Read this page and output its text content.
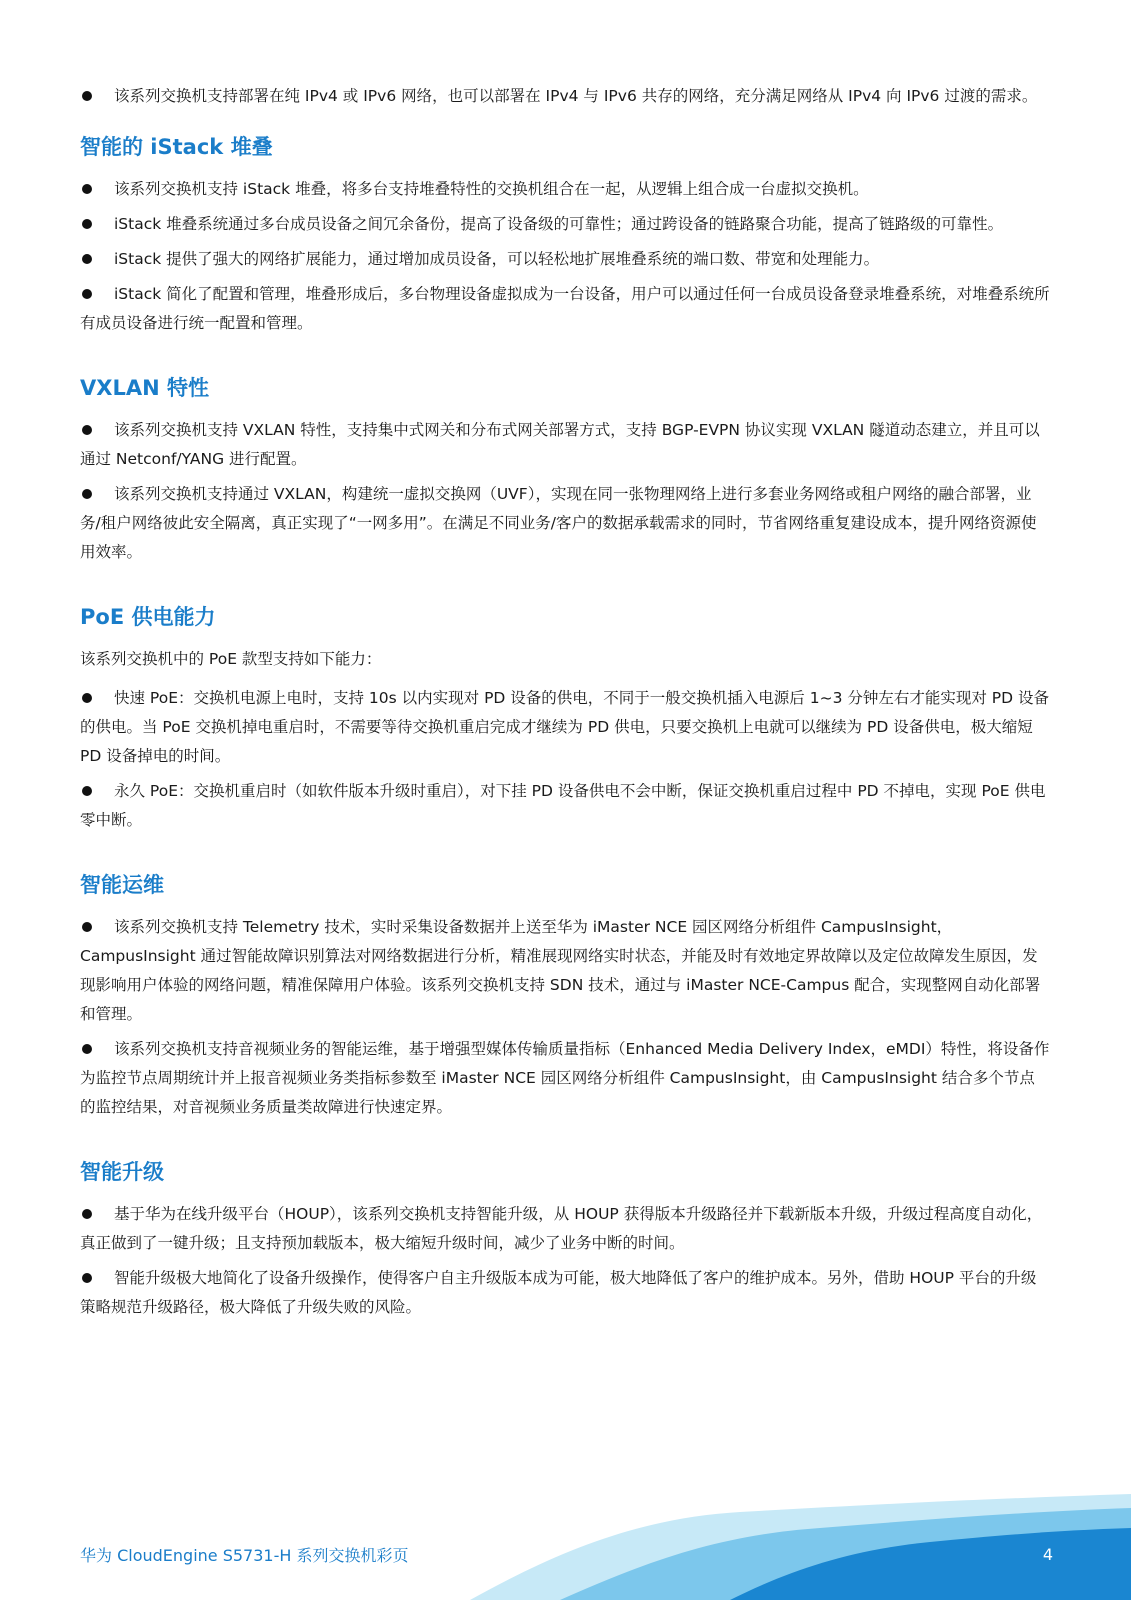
该系列交换机支持部署在纯 IPv4 或 IPv6 网络，也可以部署在 IPv4 与 IPv6 共存的网络，充分满足网络从 IPv4 向 IPv6 过渡的需求。

智能的 iStack 堆叠

该系列交换机支持 iStack 堆叠，将多台支持堆叠特性的交换机组合在一起，从逻辑上组合成一台虚拟交换机。

iStack 堆叠系统通过多台成员设备之间冗余备份，提高了设备级的可靠性；通过跨设备的链路聚合功能，提高了链路级的可靠性。

iStack 提供了强大的网络扩展能力，通过增加成员设备，可以轻松地扩展堆叠系统的端口数、带宽和处理能力。

iStack 简化了配置和管理，堆叠形成后，多台物理设备虚拟成为一台设备，用户可以通过任何一台成员设备登录堆叠系统，对堆叠系统所有成员设备进行统一配置和管理。

VXLAN 特性

该系列交换机支持 VXLAN 特性，支持集中式网关和分布式网关部署方式，支持 BGP-EVPN 协议实现 VXLAN 隧道动态建立，并且可以通过 Netconf/YANG 进行配置。

该系列交换机支持通过 VXLAN，构建统一虚拟交换网（UVF），实现在同一张物理网络上进行多套业务网络或租户网络的融合部署，业务/租户网络彼此安全隔离，真正实现了“一网多用”。在满足不同业务/客户的数据承载需求的同时，节省网络重复建设成本，提升网络资源使用效率。

PoE 供电能力

该系列交换机中的 PoE 款型支持如下能力：

快速 PoE：交换机电源上电时，支持 10s 以内实现对 PD 设备的供电，不同于一般交换机插入电源后 1~3 分钟左右才能实现对 PD 设备的供电。当 PoE 交换机掉电重启时，不需要等待交换机重启完成才继续为 PD 供电，只要交换机上电就可以继续为 PD 设备供电，极大缩短 PD 设备掉电的时间。

永久 PoE：交换机重启时（如软件版本升级时重启），对下挂 PD 设备供电不会中断，保证交换机重启过程中 PD 不掉电，实现 PoE 供电零中断。

智能运维

该系列交换机支持 Telemetry 技术，实时采集设备数据并上送至华为 iMaster NCE 园区网络分析组件 CampusInsight，CampusInsight 通过智能故障识别算法对网络数据进行分析，精准展现网络实时状态，并能及时有效地定界故障以及定位故障发生原因，发现影响用户体验的网络问题，精准保障用户体验。该系列交换机支持 SDN 技术，通过与 iMaster NCE-Campus 配合，实现整网自动化部署和管理。

该系列交换机支持音视频业务的智能运维，基于增强型媒体传输质量指标（Enhanced Media Delivery Index，eMDI）特性，将设备作为监控节点周期统计并上报音视频业务类指标参数至 iMaster NCE 园区网络分析组件 CampusInsight，由 CampusInsight 结合多个节点的监控结果，对音视频业务质量类故障进行快速定界。

智能升级

基于华为在线升级平台（HOUP），该系列交换机支持智能升级，从 HOUP 获得版本升级路径并下载新版本升级，升级过程高度自动化，真正做到了一键升级；且支持预加载版本，极大缩短升级时间，减少了业务中断的时间。

智能升级极大地简化了设备升级操作，使得客户自主升级版本成为可能，极大地降低了客户的维护成本。另外，借助 HOUP 平台的升级策略规范升级路径，极大降低了升级失败的风险。

华为 CloudEngine S5731-H 系列交换机彩页	4
